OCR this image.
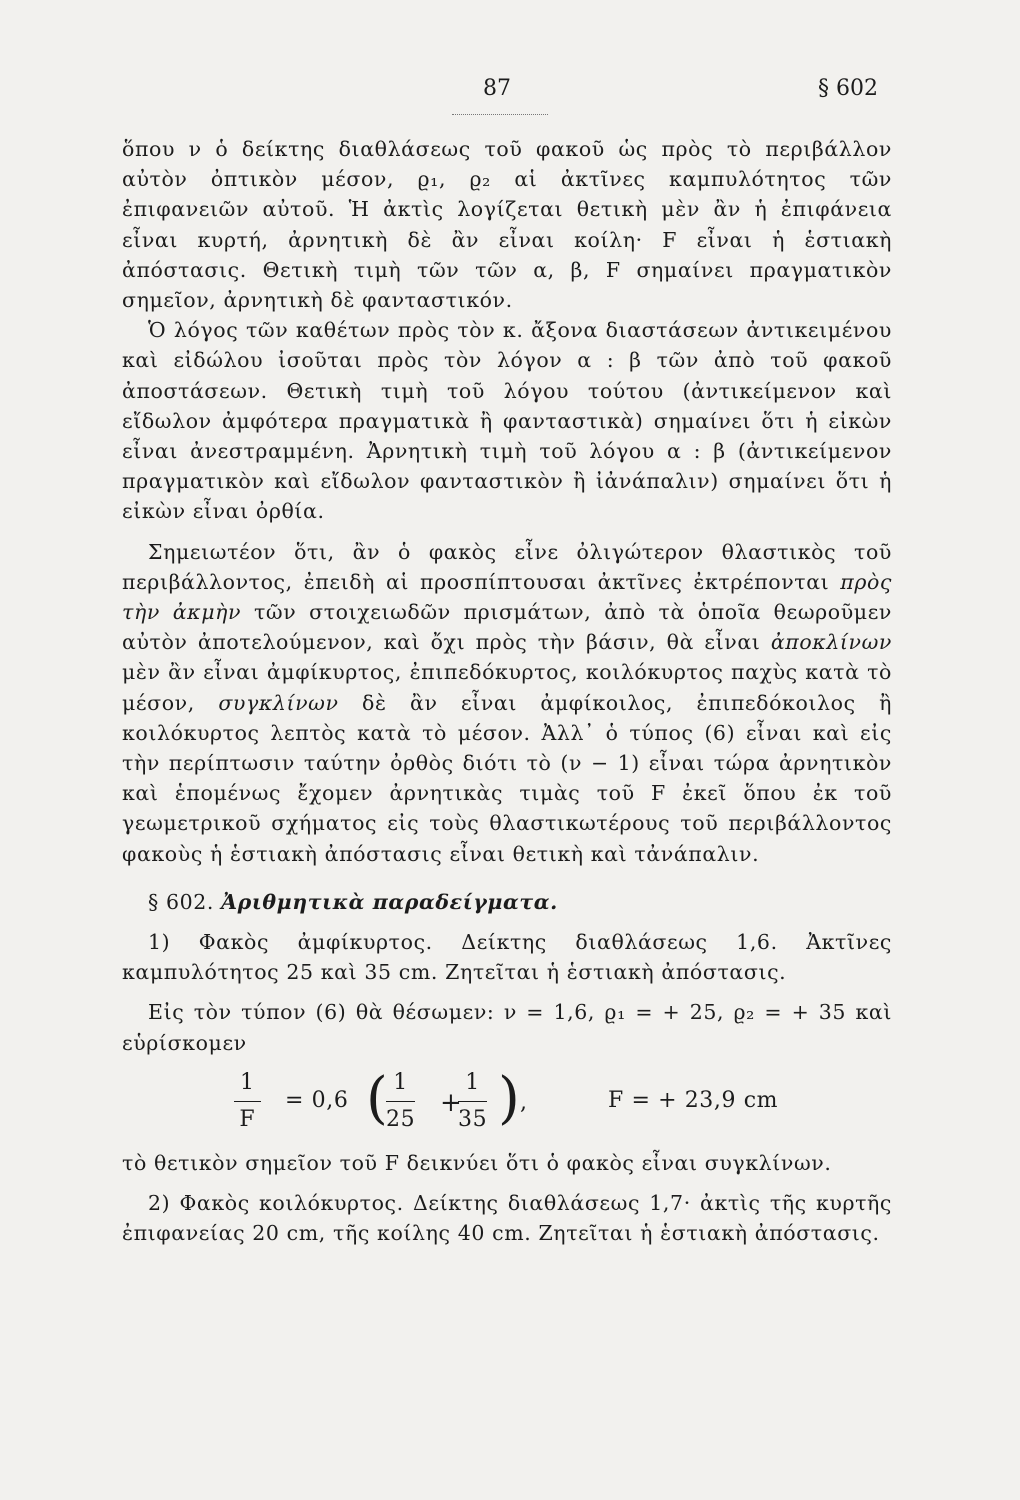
87	§ 602

ὅπου ν ὁ δείκτης διαθλάσεως τοῦ φακοῦ ὡς πρὸς τὸ περιβάλλον αὐτὸν ὀπτικὸν μέσον, ϱ₁, ϱ₂ αἱ ἀκτῖνες καμπυλότητος τῶν ἐπιφανειῶν αὐτοῦ. Ἡ ἀκτὶς λογίζεται θετικὴ μὲν ἂν ἡ ἐπιφάνεια εἶναι κυρτή, ἀρνητικὴ δὲ ἂν εἶναι κοίλη· F εἶναι ἡ ἑστιακὴ ἀπόστασις. Θετικὴ τιμὴ τῶν τῶν α, β, F σημαίνει πραγματικὸν σημεῖον, ἀρνητικὴ δὲ φανταστικόν.

Ὁ λόγος τῶν καθέτων πρὸς τὸν κ. ἄξονα διαστάσεων ἀντικειμένου καὶ εἰδώλου ἰσοῦται πρὸς τὸν λόγον α : β τῶν ἀπὸ τοῦ φακοῦ ἀποστάσεων. Θετικὴ τιμὴ τοῦ λόγου τούτου (ἀντικείμενον καὶ εἴδωλον ἀμφότερα πραγματικὰ ἢ φανταστικὰ) σημαίνει ὅτι ἡ εἰκὼν εἶναι ἀνεστραμμένη. Ἀρνητικὴ τιμὴ τοῦ λόγου α : β (ἀντικείμενον πραγματικὸν καὶ εἴδωλον φανταστικὸν ἢ ἰἀνάπαλιν) σημαίνει ὅτι ἡ εἰκὼν εἶναι ὀρθία.

Σημειωτέον ὅτι, ἂν ὁ φακὸς εἶνε ὀλιγώτερον θλαστικὸς τοῦ περιβάλλοντος, ἐπειδὴ αἱ προσπίπτουσαι ἀκτῖνες ἐκτρέπονται πρὸς τὴν ἀκμὴν τῶν στοιχειωδῶν πρισμάτων, ἀπὸ τὰ ὁποῖα θεωροῦμεν αὐτὸν ἀποτελούμενον, καὶ ὄχι πρὸς τὴν βάσιν, θὰ εἶναι ἀποκλίνων μὲν ἂν εἶναι ἀμφίκυρτος, ἐπιπεδόκυρτος, κοιλόκυρτος παχὺς κατὰ τὸ μέσον, συγκλίνων δὲ ἂν εἶναι ἀμφίκοιλος, ἐπιπεδόκοιλος ἢ κοιλόκυρτος λεπτὸς κατὰ τὸ μέσον. Ἀλλ᾽ ὁ τύπος (6) εἶναι καὶ εἰς τὴν περίπτωσιν ταύτην ὀρθὸς διότι τὸ (ν − 1) εἶναι τώρα ἀρνητικὸν καὶ ἑπομένως ἔχομεν ἀρνητικὰς τιμὰς τοῦ F ἐκεῖ ὅπου ἐκ τοῦ γεωμετρικοῦ σχήματος εἰς τοὺς θλαστικωτέρους τοῦ περιβάλλοντος φακοὺς ἡ ἑστιακὴ ἀπόστασις εἶναι θετικὴ καὶ τἀνάπαλιν.

§ 602. Ἀριθμητικὰ παραδείγματα.

1) Φακὸς ἀμφίκυρτος. Δείκτης διαθλάσεως 1,6. Ἀκτῖνες καμπυλότητος 25 καὶ 35 cm. Ζητεῖται ἡ ἑστιακὴ ἀπόστασις.

Εἰς τὸν τύπον (6) θὰ θέσωμεν: ν = 1,6, ϱ₁ = + 25, ϱ₂ = + 35 καὶ εὑρίσκομεν

$\frac{1}{F} = 0,6$ (
$\frac{1}{25}$ +
$\frac{1}{35}$ ) ,	F = + 23,9 cm

τὸ θετικὸν σημεῖον τοῦ F δεικνύει ὅτι ὁ φακὸς εἶναι συγκλίνων.

2) Φακὸς κοιλόκυρτος. Δείκτης διαθλάσεως 1,7· ἀκτὶς τῆς κυρτῆς ἐπιφανείας 20 cm, τῆς κοίλης 40 cm. Ζητεῖται ἡ ἑστιακὴ ἀπόστασις.
